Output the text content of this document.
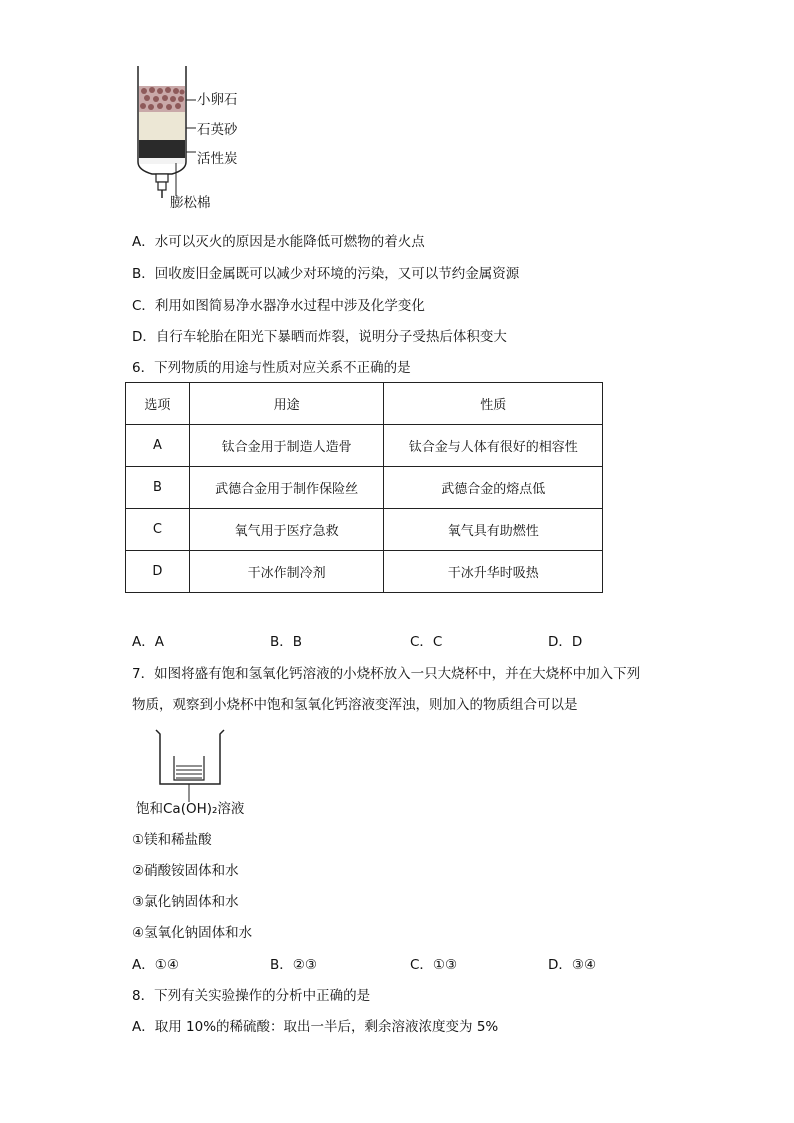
小卵石
石英砂
活性炭
膨松棉
A．水可以灭火的原因是水能降低可燃物的着火点
B．回收废旧金属既可以减少对环境的污染，又可以节约金属资源
C．利用如图简易净水器净水过程中涉及化学变化
D．自行车轮胎在阳光下暴晒而炸裂，说明分子受热后体积变大
6．下列物质的用途与性质对应关系不正确的是
选项	用途	性质
A	钛合金用于制造人造骨	钛合金与人体有很好的相容性
B	武德合金用于制作保险丝	武德合金的熔点低
C	氧气用于医疗急救	氧气具有助燃性
D	干冰作制冷剂	干冰升华时吸热
A．A	B．B	C．C	D．D
7．如图将盛有饱和氢氧化钙溶液的小烧杯放入一只大烧杯中，并在大烧杯中加入下列
物质，观察到小烧杯中饱和氢氧化钙溶液变浑浊，则加入的物质组合可以是
饱和Ca(OH)₂溶液
①镁和稀盐酸
②硝酸铵固体和水
③氯化钠固体和水
④氢氧化钠固体和水
A．①④	B．②③	C．①③	D．③④
8．下列有关实验操作的分析中正确的是
A．取用 10%的稀硫酸：取出一半后，剩余溶液浓度变为 5%
